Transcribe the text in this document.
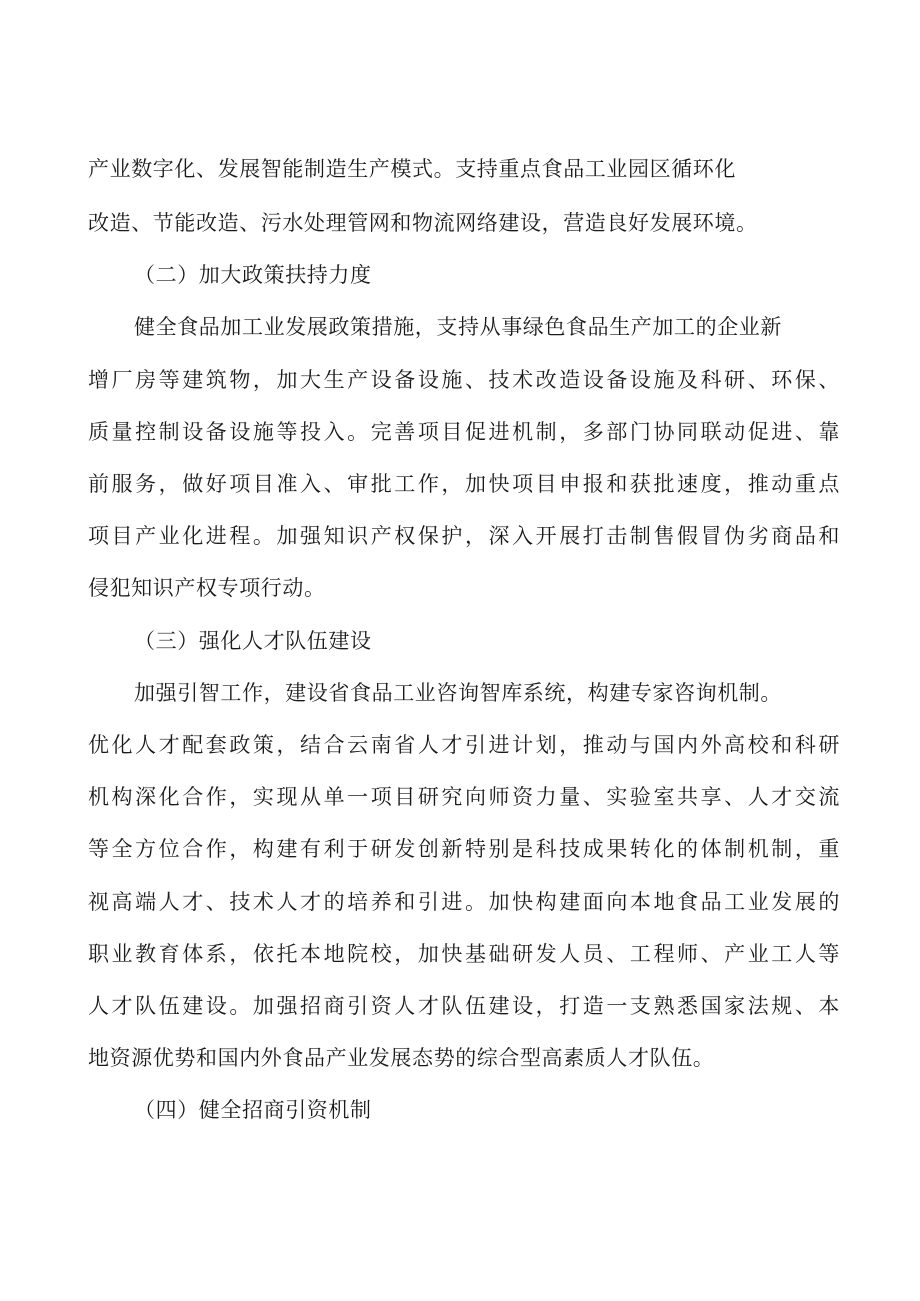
产业数字化、发展智能制造生产模式。支持重点食品工业园区循环化
改造、节能改造、污水处理管网和物流网络建设，营造良好发展环境。
（二）加大政策扶持力度
健全食品加工业发展政策措施，支持从事绿色食品生产加工的企业新
增厂房等建筑物，加大生产设备设施、技术改造设备设施及科研、环保、
质量控制设备设施等投入。完善项目促进机制，多部门协同联动促进、靠
前服务，做好项目准入、审批工作，加快项目申报和获批速度，推动重点
项目产业化进程。加强知识产权保护，深入开展打击制售假冒伪劣商品和
侵犯知识产权专项行动。
（三）强化人才队伍建设
加强引智工作，建设省食品工业咨询智库系统，构建专家咨询机制。
优化人才配套政策，结合云南省人才引进计划，推动与国内外高校和科研
机构深化合作，实现从单一项目研究向师资力量、实验室共享、人才交流
等全方位合作，构建有利于研发创新特别是科技成果转化的体制机制，重
视高端人才、技术人才的培养和引进。加快构建面向本地食品工业发展的
职业教育体系，依托本地院校，加快基础研发人员、工程师、产业工人等
人才队伍建设。加强招商引资人才队伍建设，打造一支熟悉国家法规、本
地资源优势和国内外食品产业发展态势的综合型高素质人才队伍。
（四）健全招商引资机制
